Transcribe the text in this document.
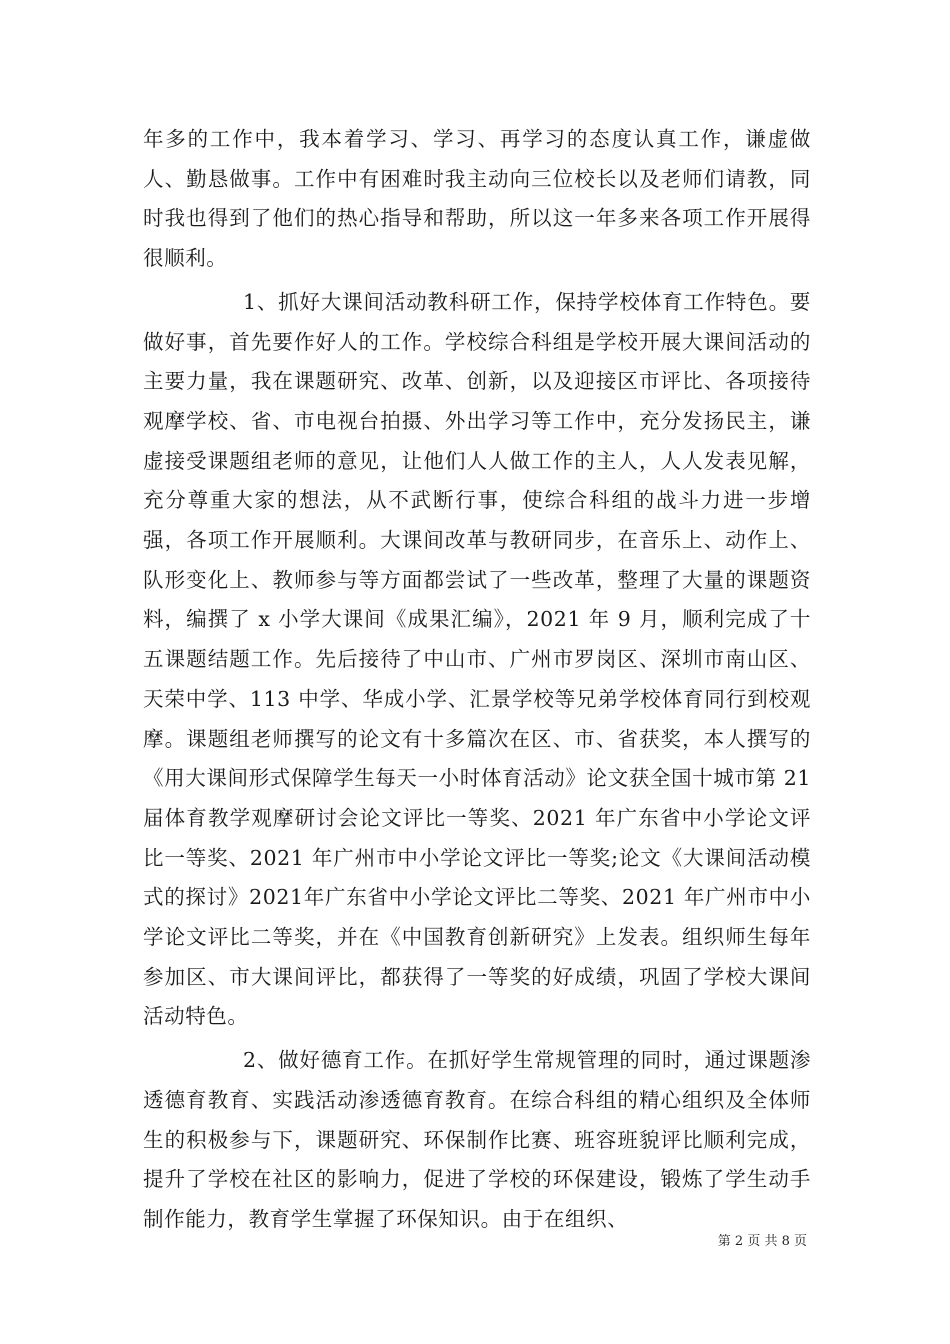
年多的工作中，我本着学习、学习、再学习的态度认真工作，谦虚做人、勤恳做事。工作中有困难时我主动向三位校长以及老师们请教，同时我也得到了他们的热心指导和帮助，所以这一年多来各项工作开展得很顺利。

1、抓好大课间活动教科研工作，保持学校体育工作特色。要做好事，首先要作好人的工作。学校综合科组是学校开展大课间活动的主要力量，我在课题研究、改革、创新，以及迎接区市评比、各项接待观摩学校、省、市电视台拍摄、外出学习等工作中，充分发扬民主，谦虚接受课题组老师的意见，让他们人人做工作的主人，人人发表见解，充分尊重大家的想法，从不武断行事，使综合科组的战斗力进一步增强，各项工作开展顺利。大课间改革与教研同步，在音乐上、动作上、队形变化上、教师参与等方面都尝试了一些改革，整理了大量的课题资料，编撰了 x 小学大课间《成果汇编》，2021 年 9 月，顺利完成了十五课题结题工作。先后接待了中山市、广州市罗岗区、深圳市南山区、天荣中学、113 中学、华成小学、汇景学校等兄弟学校体育同行到校观摩。课题组老师撰写的论文有十多篇次在区、市、省获奖，本人撰写的《用大课间形式保障学生每天一小时体育活动》论文获全国十城市第 21 届体育教学观摩研讨会论文评比一等奖、2021 年广东省中小学论文评比一等奖、2021 年广州市中小学论文评比一等奖;论文《大课间活动模式的探讨》2021年广东省中小学论文评比二等奖、2021 年广州市中小学论文评比二等奖，并在《中国教育创新研究》上发表。组织师生每年参加区、市大课间评比，都获得了一等奖的好成绩，巩固了学校大课间活动特色。

2、做好德育工作。在抓好学生常规管理的同时，通过课题渗透德育教育、实践活动渗透德育教育。在综合科组的精心组织及全体师生的积极参与下，课题研究、环保制作比赛、班容班貌评比顺利完成，提升了学校在社区的影响力，促进了学校的环保建设，锻炼了学生动手制作能力，教育学生掌握了环保知识。由于在组织、

第 2 页 共 8 页
